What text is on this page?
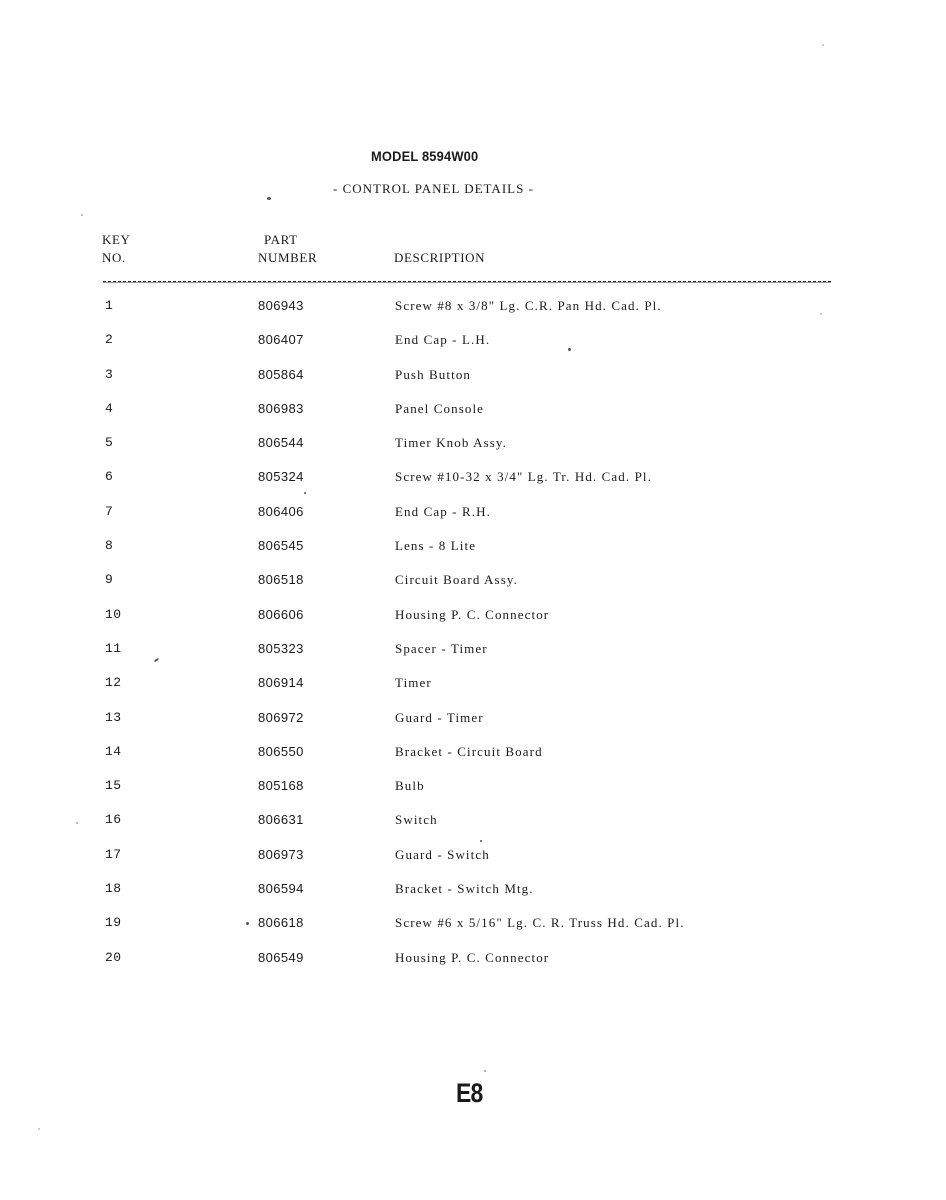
MODEL 8594W00
- CONTROL PANEL DETAILS -
KEY
NO.
PART
NUMBER	DESCRIPTION
1	806943	Screw #8 x 3/8" Lg. C.R. Pan Hd. Cad. Pl.
2	806407	End Cap - L.H.
3	805864	Push Button
4	806983	Panel Console
5	806544	Timer Knob Assy.
6	805324	Screw #10-32 x 3/4" Lg. Tr. Hd. Cad. Pl.
7	806406	End Cap - R.H.
8	806545	Lens - 8 Lite
9	806518	Circuit Board Assy.
10	806606	Housing P. C. Connector
11	805323	Spacer - Timer
12	806914	Timer
13	806972	Guard - Timer
14	806550	Bracket - Circuit Board
15	805168	Bulb
16	806631	Switch
17	806973	Guard - Switch
18	806594	Bracket - Switch Mtg.
19	806618	Screw #6 x 5/16" Lg. C. R. Truss Hd. Cad. Pl.
20	806549	Housing P. C. Connector
E8
